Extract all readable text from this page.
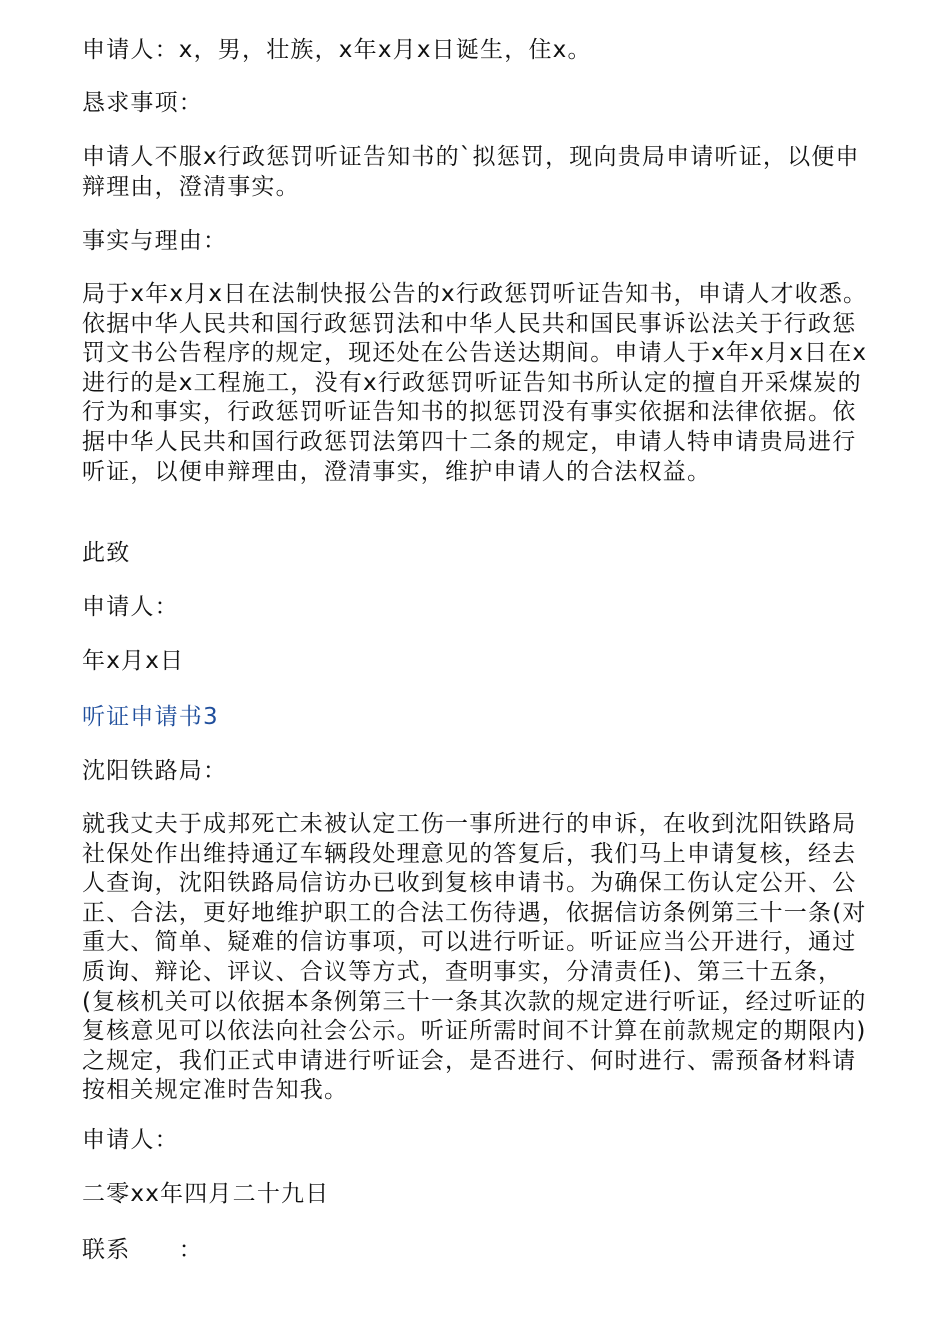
申请人：x，男，壮族，x年x月x日诞生，住x。
恳求事项：
申请人不服x行政惩罚听证告知书的`拟惩罚，现向贵局申请听证，以便申辩理由，澄清事实。
事实与理由：
局于x年x月x日在法制快报公告的x行政惩罚听证告知书，申请人才收悉。依据中华人民共和国行政惩罚法和中华人民共和国民事诉讼法关于行政惩罚文书公告程序的规定，现还处在公告送达期间。申请人于x年x月x日在x进行的是x工程施工，没有x行政惩罚听证告知书所认定的擅自开采煤炭的行为和事实，行政惩罚听证告知书的拟惩罚没有事实依据和法律依据。依据中华人民共和国行政惩罚法第四十二条的规定，申请人特申请贵局进行听证，以便申辩理由，澄清事实，维护申请人的合法权益。
此致
申请人：
年x月x日
听证申请书3
沈阳铁路局：
就我丈夫于成邦死亡未被认定工伤一事所进行的申诉，在收到沈阳铁路局社保处作出维持通辽车辆段处理意见的答复后，我们马上申请复核，经去人查询，沈阳铁路局信访办已收到复核申请书。为确保工伤认定公开、公正、合法，更好地维护职工的合法工伤待遇，依据信访条例第三十一条(对重大、简单、疑难的信访事项，可以进行听证。听证应当公开进行，通过质询、辩论、评议、合议等方式，查明事实，分清责任)、第三十五条，(复核机关可以依据本条例第三十一条其次款的规定进行听证，经过听证的复核意见可以依法向社会公示。听证所需时间不计算在前款规定的期限内)之规定，我们正式申请进行听证会，是否进行、何时进行、需预备材料请按相关规定准时告知我。
申请人：
二零xx年四月二十九日
联系　　：
